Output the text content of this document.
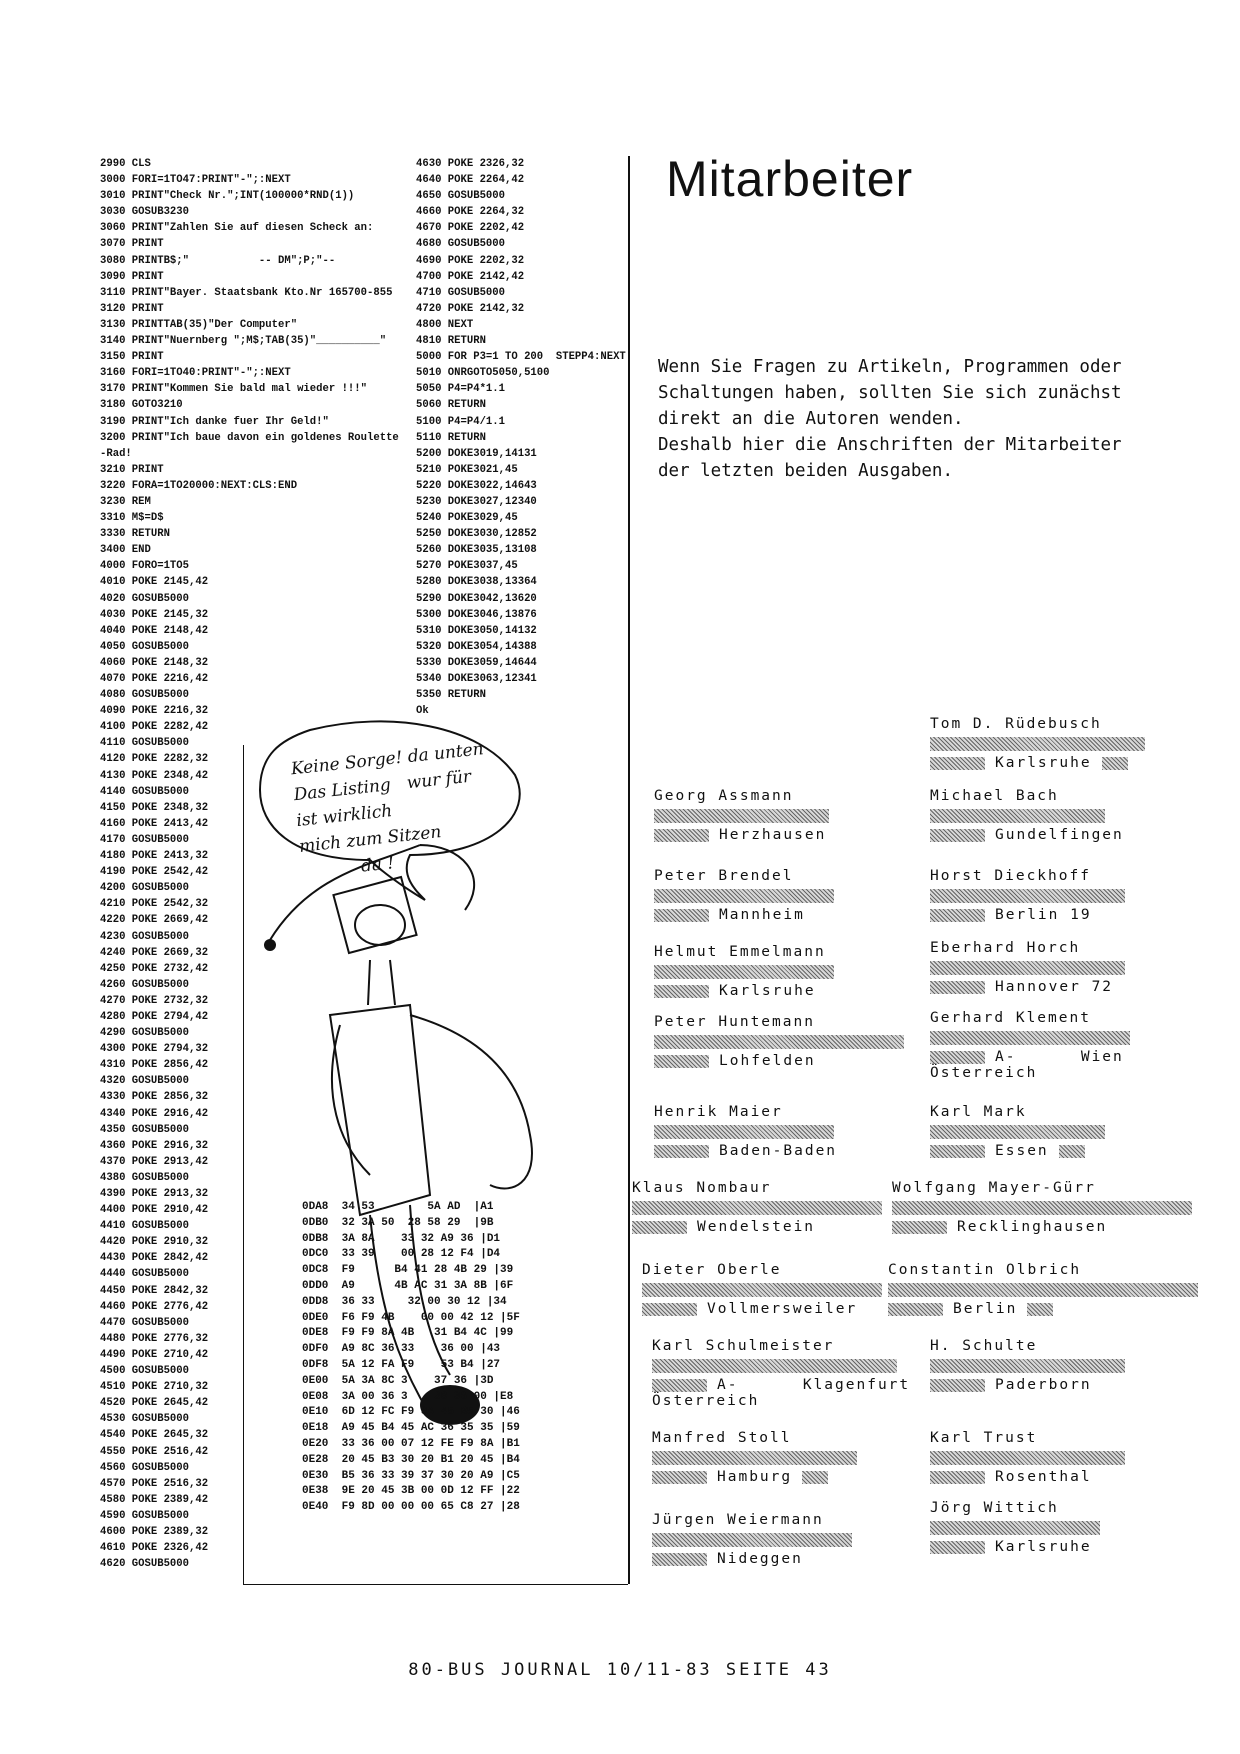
2990 CLS
3000 FORI=1TO47:PRINT"-";:NEXT
3010 PRINT"Check Nr.";INT(100000*RND(1))
3030 GOSUB3230
3060 PRINT"Zahlen Sie auf diesen Scheck an:
3070 PRINT
3080 PRINTB$;"           -- DM";P;"--
3090 PRINT
3110 PRINT"Bayer. Staatsbank Kto.Nr 165700-855
3120 PRINT
3130 PRINTTAB(35)"Der Computer"
3140 PRINT"Nuernberg ";M$;TAB(35)"__________"
3150 PRINT
3160 FORI=1TO40:PRINT"-";:NEXT
3170 PRINT"Kommen Sie bald mal wieder !!!"
3180 GOTO3210
3190 PRINT"Ich danke fuer Ihr Geld!"
3200 PRINT"Ich baue davon ein goldenes Roulette
-Rad!
3210 PRINT
3220 FORA=1TO20000:NEXT:CLS:END
3230 REM
3310 M$=D$
3330 RETURN
3400 END
4000 FORO=1TO5
4010 POKE 2145,42
4020 GOSUB5000
4030 POKE 2145,32
4040 POKE 2148,42
4050 GOSUB5000
4060 POKE 2148,32
4070 POKE 2216,42
4080 GOSUB5000
4090 POKE 2216,32
4100 POKE 2282,42
4110 GOSUB5000
4120 POKE 2282,32
4130 POKE 2348,42
4140 GOSUB5000
4150 POKE 2348,32
4160 POKE 2413,42
4170 GOSUB5000
4180 POKE 2413,32
4190 POKE 2542,42
4200 GOSUB5000
4210 POKE 2542,32
4220 POKE 2669,42
4230 GOSUB5000
4240 POKE 2669,32
4250 POKE 2732,42
4260 GOSUB5000
4270 POKE 2732,32
4280 POKE 2794,42
4290 GOSUB5000
4300 POKE 2794,32
4310 POKE 2856,42
4320 GOSUB5000
4330 POKE 2856,32
4340 POKE 2916,42
4350 GOSUB5000
4360 POKE 2916,32
4370 POKE 2913,42
4380 GOSUB5000
4390 POKE 2913,32
4400 POKE 2910,42
4410 GOSUB5000
4420 POKE 2910,32
4430 POKE 2842,42
4440 GOSUB5000
4450 POKE 2842,32
4460 POKE 2776,42
4470 GOSUB5000
4480 POKE 2776,32
4490 POKE 2710,42
4500 GOSUB5000
4510 POKE 2710,32
4520 POKE 2645,42
4530 GOSUB5000
4540 POKE 2645,32
4550 POKE 2516,42
4560 GOSUB5000
4570 POKE 2516,32
4580 POKE 2389,42
4590 GOSUB5000
4600 POKE 2389,32
4610 POKE 2326,42
4620 GOSUB5000
4630 POKE 2326,32
4640 POKE 2264,42
4650 GOSUB5000
4660 POKE 2264,32
4670 POKE 2202,42
4680 GOSUB5000
4690 POKE 2202,32
4700 POKE 2142,42
4710 GOSUB5000
4720 POKE 2142,32
4800 NEXT
4810 RETURN
5000 FOR P3=1 TO 200  STEPP4:NEXT
5010 ONRGOTO5050,5100
5050 P4=P4*1.1
5060 RETURN
5100 P4=P4/1.1
5110 RETURN
5200 DOKE3019,14131
5210 POKE3021,45
5220 DOKE3022,14643
5230 DOKE3027,12340
5240 POKE3029,45
5250 DOKE3030,12852
5260 DOKE3035,13108
5270 POKE3037,45
5280 DOKE3038,13364
5290 DOKE3042,13620
5300 DOKE3046,13876
5310 DOKE3050,14132
5320 DOKE3054,14388
5330 DOKE3059,14644
5340 DOKE3063,12341
5350 RETURN
Ok
Keine Sorge! da unten
Das Listing   wur für
ist wirklich
mich zum Sitzen
da !
0DA8  34 53        5A AD  |A1
0DB0  32 3A 50  28 58 29  |9B
0DB8  3A 8A    33 32 A9 36 |D1
0DC0  33 39    00 28 12 F4 |D4
0DC8  F9      B4 41 28 4B 29 |39
0DD0  A9      4B AC 31 3A 8B |6F
0DD8  36 33     32 00 30 12 |34
0DE0  F6 F9 4B    00 00 42 12 |5F
0DE8  F9 F9 8A 4B   31 B4 4C |99
0DF0  A9 8C 36 33    36 00 |43
0DF8  5A 12 FA F9    53 B4 |27
0E00  5A 3A 8C 3    37 36 |3D
0E08  3A 00 36 3    38 36 00 |E8
0E10  6D 12 FC F9 8A 45 B5 30 |46
0E18  A9 45 B4 45 AC 36 35 35 |59
0E20  33 36 00 07 12 FE F9 8A |B1
0E28  20 45 B3 30 20 B1 20 45 |B4
0E30  B5 36 33 39 37 30 20 A9 |C5
0E38  9E 20 45 3B 00 0D 12 FF |22
0E40  F9 8D 00 00 00 65 C8 27 |28
Mitarbeiter
Wenn Sie Fragen zu Artikeln, Programmen oder
Schaltungen haben, sollten Sie sich zunächst
direkt an die Autoren wenden.
Deshalb hier die Anschriften der Mitarbeiter
der letzten beiden Ausgaben.
Tom D. Rüdebusch
Karlsruhe
Georg Assmann
Herzhausen
Michael Bach
Gundelfingen
Peter Brendel
Mannheim
Horst Dieckhoff
Berlin 19
Helmut Emmelmann
Karlsruhe
Eberhard Horch
Hannover 72
Peter Huntemann
Lohfelden
Gerhard Klement
A-      Wien
Österreich
Henrik Maier
Baden-Baden
Karl Mark
Essen
Klaus Nombaur
Wendelstein
Wolfgang Mayer-Gürr
Recklinghausen
Dieter Oberle
Vollmersweiler
Constantin Olbrich
Berlin
Karl Schulmeister
A-      Klagenfurt
Österreich
H. Schulte
Paderborn
Manfred Stoll
Hamburg
Karl Trust
Rosenthal
Jürgen Weiermann
Nideggen
Jörg Wittich
Karlsruhe
80-BUS JOURNAL 10/11-83 SEITE 43
